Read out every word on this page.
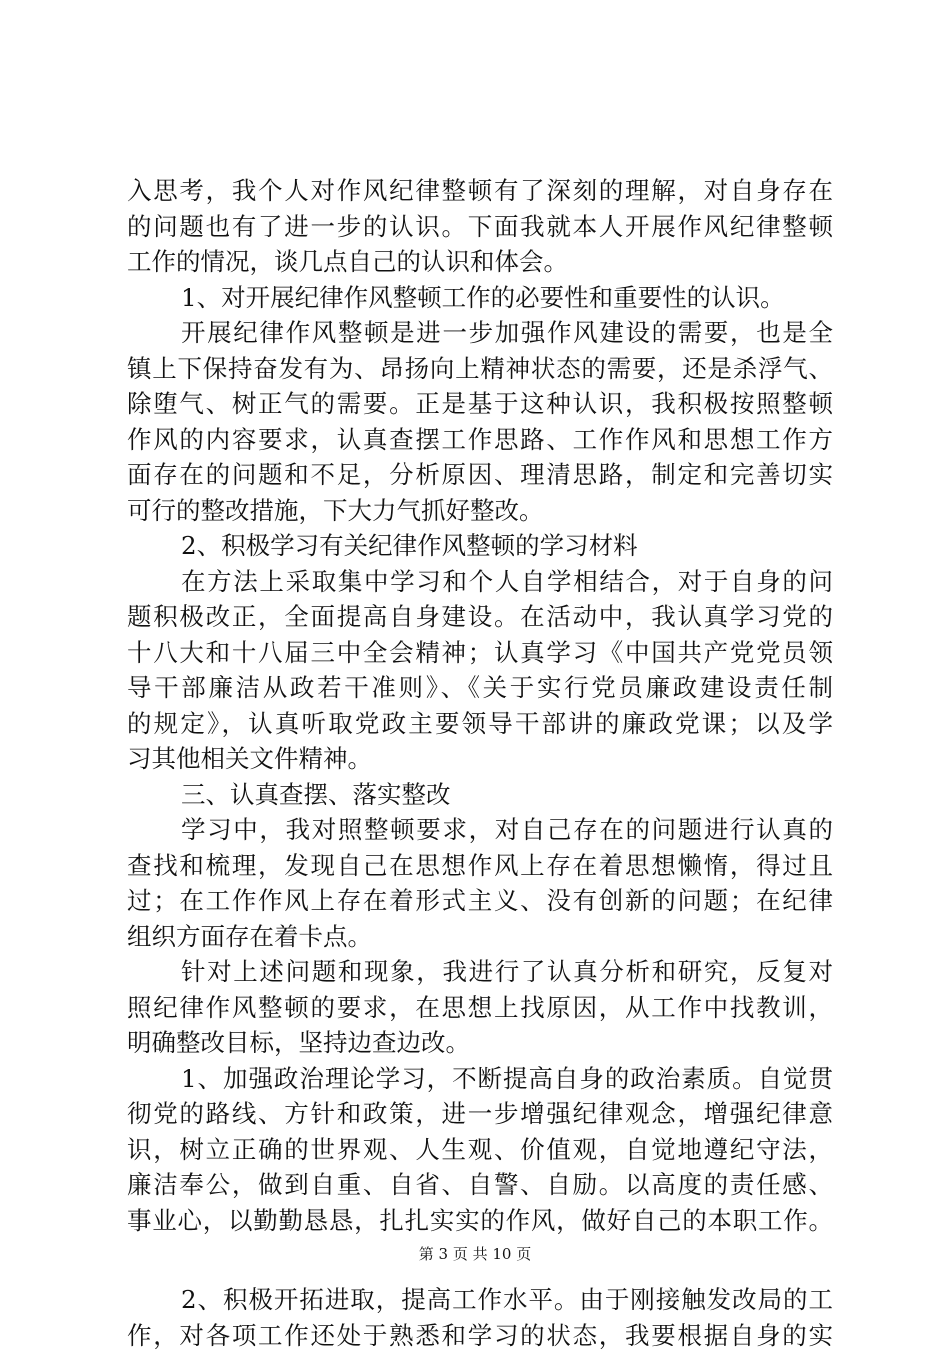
入思考，我个人对作风纪律整顿有了深刻的理解，对自身存在
的问题也有了进一步的认识。下面我就本人开展作风纪律整顿
工作的情况，谈几点自己的认识和体会。
1、对开展纪律作风整顿工作的必要性和重要性的认识。
开展纪律作风整顿是进一步加强作风建设的需要，也是全
镇上下保持奋发有为、昂扬向上精神状态的需要，还是杀浮气、
除堕气、树正气的需要。正是基于这种认识，我积极按照整顿
作风的内容要求，认真查摆工作思路、工作作风和思想工作方
面存在的问题和不足，分析原因、理清思路，制定和完善切实
可行的整改措施，下大力气抓好整改。
2、积极学习有关纪律作风整顿的学习材料
在方法上采取集中学习和个人自学相结合，对于自身的问
题积极改正，全面提高自身建设。在活动中，我认真学习党的
十八大和十八届三中全会精神；认真学习《中国共产党党员领
导干部廉洁从政若干准则》、《关于实行党员廉政建设责任制
的规定》，认真听取党政主要领导干部讲的廉政党课；以及学
习其他相关文件精神。
三、认真查摆、落实整改
学习中，我对照整顿要求，对自己存在的问题进行认真的
查找和梳理，发现自己在思想作风上存在着思想懒惰，得过且
过；在工作作风上存在着形式主义、没有创新的问题；在纪律
组织方面存在着卡点。
针对上述问题和现象，我进行了认真分析和研究，反复对
照纪律作风整顿的要求，在思想上找原因，从工作中找教训，
明确整改目标，坚持边查边改。
1、加强政治理论学习，不断提高自身的政治素质。自觉贯
彻党的路线、方针和政策，进一步增强纪律观念，增强纪律意
识，树立正确的世界观、人生观、价值观，自觉地遵纪守法，
廉洁奉公，做到自重、自省、自警、自励。以高度的责任感、
事业心，以勤勤恳恳，扎扎实实的作风，做好自己的本职工作。
2、积极开拓进取，提高工作水平。由于刚接触发改局的工
作，对各项工作还处于熟悉和学习的状态，我要根据自身的实
第 3 页 共 10 页
